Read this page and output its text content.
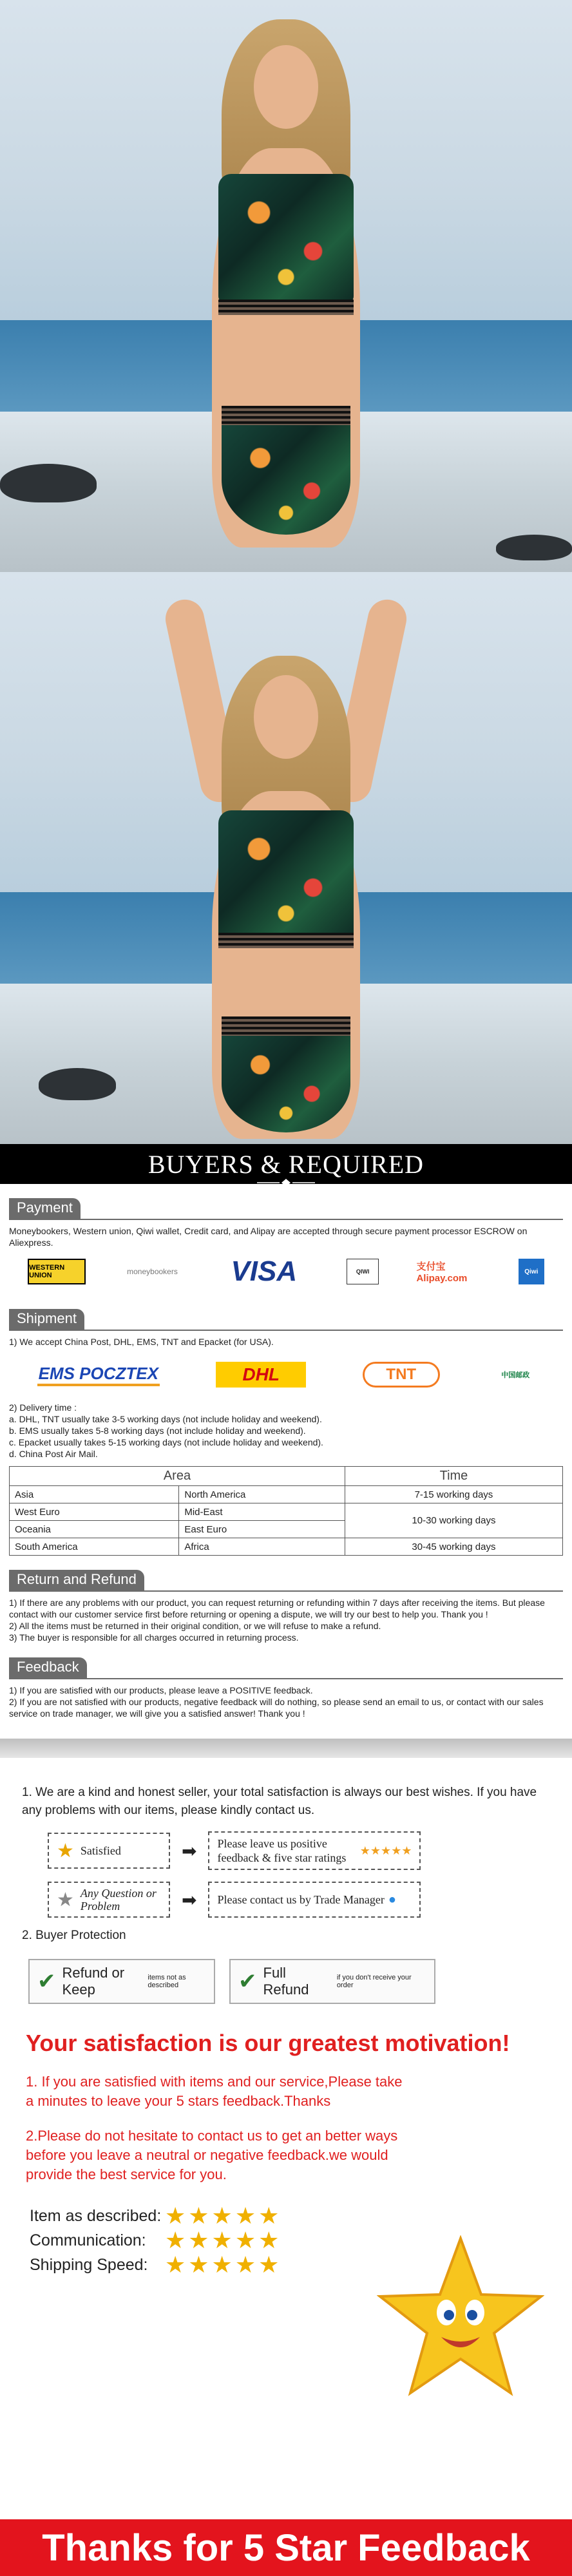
BUYERS & REQUIRED
Payment

Moneybookers, Western union, Qiwi wallet, Credit card, and Alipay are accepted through secure payment processor ESCROW on Aliexpress.

WESTERN UNION	moneybookers	VISA	QIWI	支付宝 Alipay.com
Qiwi
Shipment

1) We accept China Post, DHL, EMS, TNT and Epacket (for USA).

EMS POCZTEX	DHL	TNT	中国邮政

2) Delivery time :

a. DHL, TNT usually take 3-5 working days (not include holiday and weekend).

b. EMS usually takes 5-8 working days (not include holiday and weekend).

c. Epacket usually takes 5-15 working days (not include holiday and weekend).

d. China Post Air Mail.

Area		Time
Asia	North America	7-15 working days
West Euro	Mid-East	10-30 working days
Oceania	East Euro	
South America	Africa	30-45 working days
Return and Refund

1) If there are any problems with our product, you can request returning or refunding within 7 days after receiving the items. But please contact with our customer service first before returning or opening a dispute, we will try our best to help you. Thank you !

2) All the items must be returned in their original condition, or we will refuse to make a refund.

3) The buyer is responsible for all charges occurred in returning process.

Feedback

1) If you are satisfied with our products, please leave a POSITIVE feedback.

2) If you are not satisfied with our products, negative feedback will do nothing, so please send an email to us, or contact with our sales service on trade manager, we will give you a satisfied answer! Thank you !

1. We are a kind and honest seller, your total satisfaction is always our best wishes. If you have any problems with our items, please kindly contact us.

★ Satisfied	➡ Please leave us positive feedback & five star ratings
★★★★★
★ Any Question or Problem	➡ Please contact us by Trade Manager ●

2. Buyer Protection

✔ Refund or Keep
items not as described	✔ Full Refund
if you don't receive your order

Your satisfaction is our greatest motivation!

1. If you are satisfied with items and our service,Please take a minutes to leave your 5 stars feedback.Thanks

2.Please do not hesitate to contact us to get an better ways before you leave a neutral or negative feedback.we would provide the best service for you.

Item as described: ★★★★★
Communication: ★★★★★
Shipping Speed: ★★★★★
Thanks for 5 Star Feedback
